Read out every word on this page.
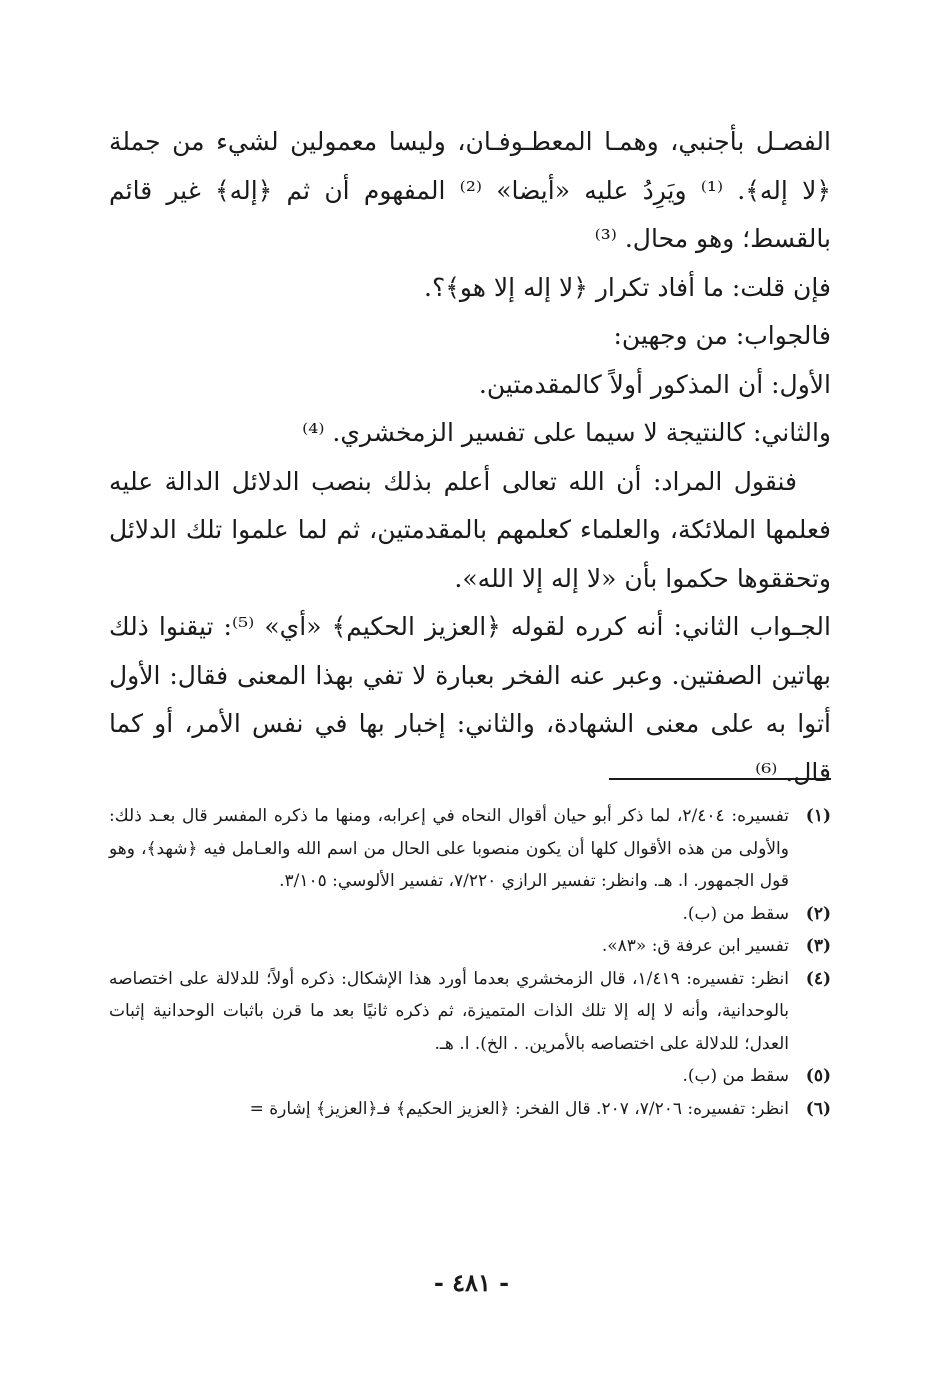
الفصـل بأجنبي، وهمـا المعطـوفـان، وليسا معمولين لشيء من جملة ﴿لا إله﴾. ⁽¹⁾ ويَرِدُ عليه «أيضا» ⁽²⁾ المفهوم أن ثم ﴿إله﴾ غير قائم بالقسط؛ وهو محال. ⁽³⁾

فإن قلت: ما أفاد تكرار ﴿لا إله إلا هو﴾؟.

فالجواب: من وجهين:

الأول: أن المذكور أولاً كالمقدمتين.

والثاني: كالنتيجة لا سيما على تفسير الزمخشري. ⁽⁴⁾

فنقول المراد: أن الله تعالى أعلم بذلك بنصب الدلائل الدالة عليه فعلمها الملائكة، والعلماء كعلمهم بالمقدمتين، ثم لما علموا تلك الدلائل وتحققوها حكموا بأن «لا إله إلا الله».

الجـواب الثاني: أنه كرره لقوله ﴿العزيز الحكيم﴾ «أي» ⁽⁵⁾: تيقنوا ذلك بهاتين الصفتين. وعبر عنه الفخر بعبارة لا تفي بهذا المعنى فقال: الأول أتوا به على معنى الشهادة، والثاني: إخبار بها في نفس الأمر، أو كما قال. ⁽⁶⁾

(١)
تفسيره: ٢/٤٠٤، لما ذكر أبو حيان أقوال النحاه في إعرابه، ومنها ما ذكره المفسر قال بعـد ذلك: والأولى من هذه الأقوال كلها أن يكون منصوبا على الحال من اسم الله والعـامل فيه ﴿شهد﴾، وهو قول الجمهور. ا. هـ. وانظر: تفسير الرازي ٧/٢٢٠، تفسير الألوسي: ٣/١٠٥.
(٢)
سقط من (ب).
(٣)
تفسير ابن عرفة ق: «٨٣».
(٤)
انظر: تفسيره: ١/٤١٩، قال الزمخشري بعدما أورد هذا الإشكال: ذكره أولاً؛ للدلالة على اختصاصه بالوحدانية، وأنه لا إله إلا تلك الذات المتميزة، ثم ذكره ثانيًا بعد ما قرن باثبات الوحدانية إثبات العدل؛ للدلالة على اختصاصه بالأمرين. . الخ). ا. هـ.
(٥)
سقط من (ب).
(٦)
انظر: تفسيره: ٧/٢٠٦، ٢٠٧. قال الفخر: ﴿العزيز الحكيم﴾ فـ﴿العزيز﴾ إشارة =
- ٤٨١ -
